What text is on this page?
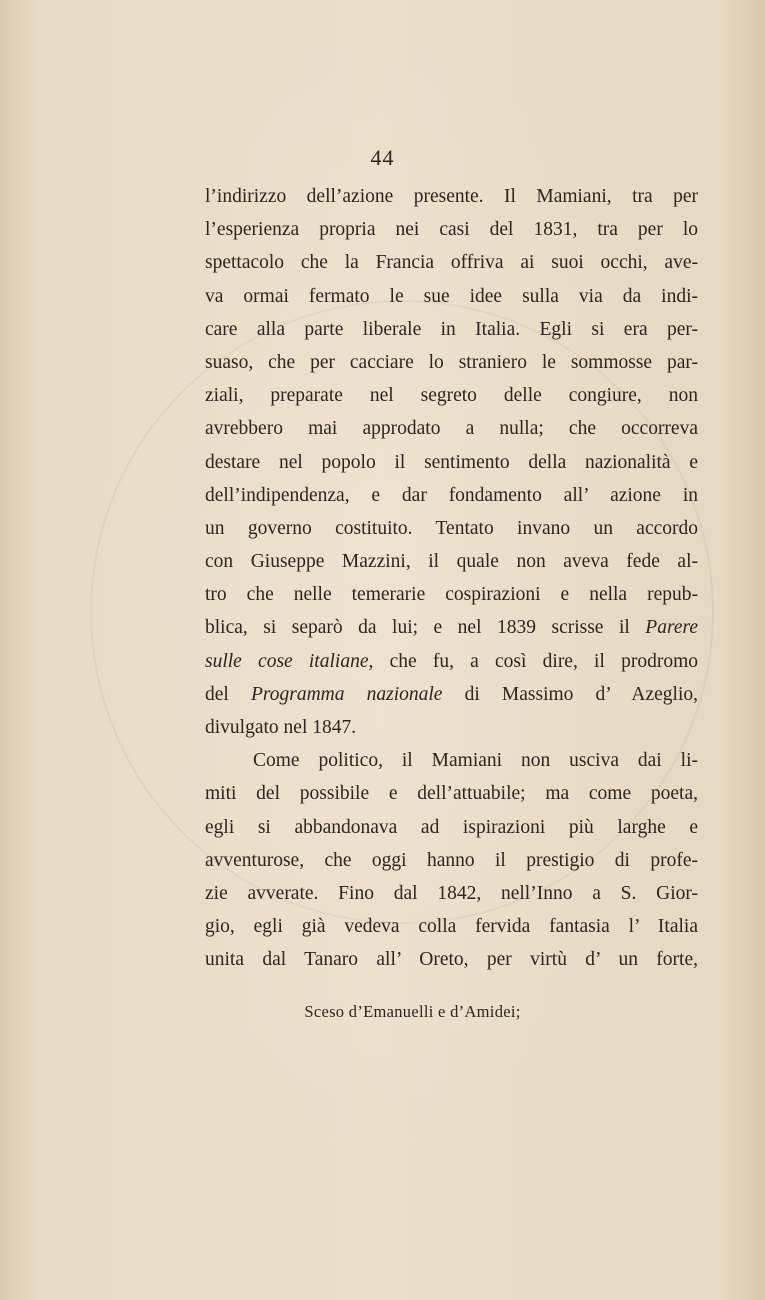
44
l’indirizzo dell’azione presente. Il Mamiani, tra per
l’esperienza propria nei casi del 1831, tra per lo
spettacolo che la Francia offriva ai suoi occhi, ave-
va ormai fermato le sue idee sulla via da indi-
care alla parte liberale in Italia. Egli si era per-
suaso, che per cacciare lo straniero le sommosse par-
ziali, preparate nel segreto delle congiure, non
avrebbero mai approdato a nulla; che occorreva
destare nel popolo il sentimento della nazionalità e
dell’indipendenza, e dar fondamento all’ azione in
un governo costituito. Tentato invano un accordo
con Giuseppe Mazzini, il quale non aveva fede al-
tro che nelle temerarie cospirazioni e nella repub-
blica, si separò da lui; e nel 1839 scrisse il Parere
sulle cose italiane, che fu, a così dire, il prodromo
del Programma nazionale di Massimo d’ Azeglio,
divulgato nel 1847.
Come politico, il Mamiani non usciva dai li-
miti del possibile e dell’attuabile; ma come poeta,
egli si abbandonava ad ispirazioni più larghe e
avventurose, che oggi hanno il prestigio di profe-
zie avverate. Fino dal 1842, nell’Inno a S. Gior-
gio, egli già vedeva colla fervida fantasia l’ Italia
unita dal Tanaro all’ Oreto, per virtù d’ un forte,
Sceso d’Emanuelli e d’Amidei;
